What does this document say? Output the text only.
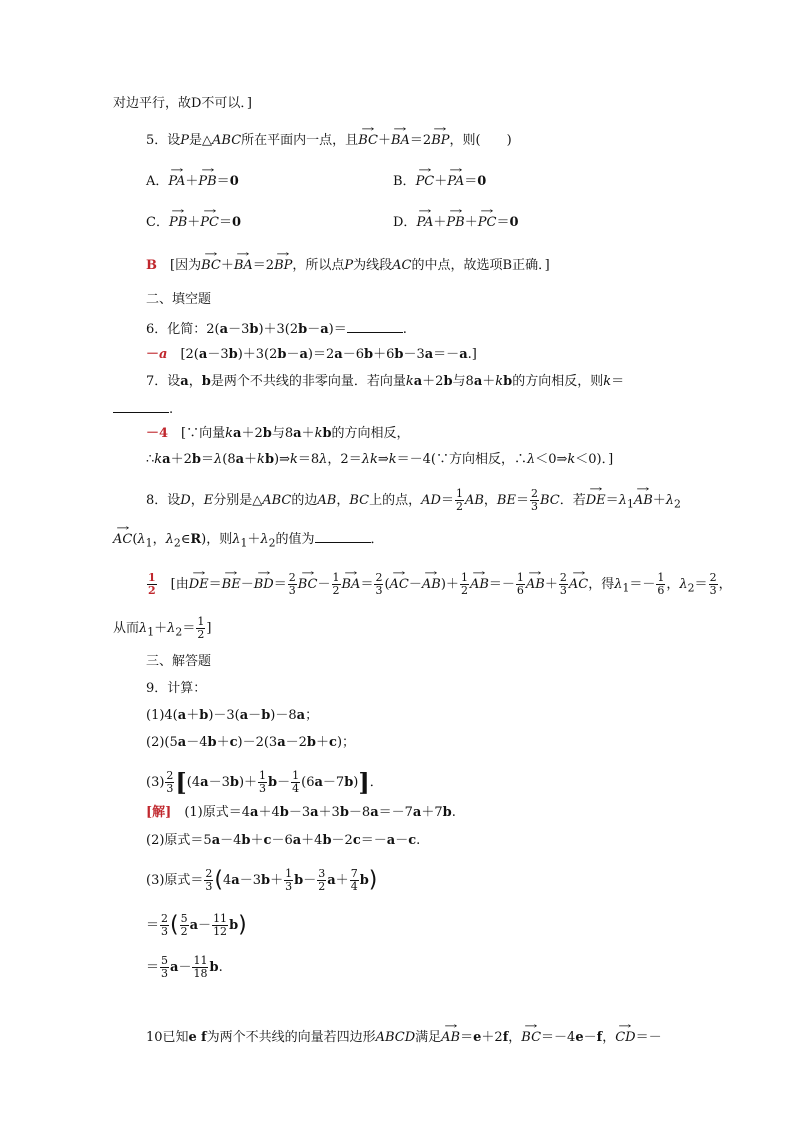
对边平行，故D不可以．]
5．设P是△ABC所在平面内一点，且→ BC＋→ BA＝2→ BP，则(　　)
A．→ PA＋→ PB＝0	B．→ PC＋→ PA＝0
C．→ PB＋→ PC＝0	D．→ PA＋→ PB＋→ PC＝0
B　[因为→ BC＋→ BA＝2→ BP，所以点P为线段AC的中点，故选项B正确．]
二、填空题
6．化简：2(a－3b)＋3(2b－a)＝	.
－a　[2(a－3b)＋3(2b－a)＝2a－6b＋6b－3a＝－a.]
7．设a，b是两个不共线的非零向量．若向量ka＋2b与8a＋kb的方向相反，则k＝
.
－4　[∵向量ka＋2b与8a＋kb的方向相反，
∴ka＋2b＝λ(8a＋kb)⇒k＝8λ，2＝λk⇒k＝－4(∵方向相反，∴λ＜0⇒k＜0)．]
8．设D，E分别是△ABC的边AB，BC上的点，$AD= \frac{1}{2}$ AB，$BE= \frac{2}{3}$ BC．若→ $DE=\lambda_1\to AB+\lambda_2$
→ $AC(\lambda_1$，$\lambda_2\in R$)，则$\lambda_1+\lambda_2$的值为	．
$\frac{1}{2}$ 　[由→ $DE=\to BE-\to BD= \frac{2}{3}$
→ $BC- \frac{1}{2}$
→ $BA= \frac{2}{3}$ (→ $AC-\to AB)+ \frac{1}{2}$
→ $AB=- \frac{1}{6}$
→ $AB+ \frac{2}{3}$
→ AC，得$\lambda_1=- \frac{1}{6}$ ，$\lambda_2= \frac{2}{3}$ ，
从而$\lambda_1+\lambda_2= \frac{1}{2}$ ]
三、解答题
9．计算：
(1)4(a＋b)－3(a－b)－8a；
(2)(5a－4b＋c)－2(3a－2b＋c)；
$(3) \frac{2}{3} [(4a-3b)+ \frac{1}{3} b- \frac{1}{4} (6a-7b)]$．
[解]　(1)原式＝4a＋4b－3a＋3b－8a＝－7a＋7b.
(2)原式＝5a－4b＋c－6a＋4b－2c＝－a－c.
(3)原式＝ $\frac{2}{3} (4a-3b+ \frac{1}{3} b- \frac{3}{2} a+ \frac{7}{4} b)$
＝ $\frac{2}{3}$ ( $\frac{5}{2} a- \frac{11}{12} b$)
＝ $\frac{5}{3} a- \frac{11}{18} b$.
10已知e f为两个不共线的向量若四边形ABCD满足→ AB＝e＋2f，→ BC＝－4e－f，→ CD＝－
